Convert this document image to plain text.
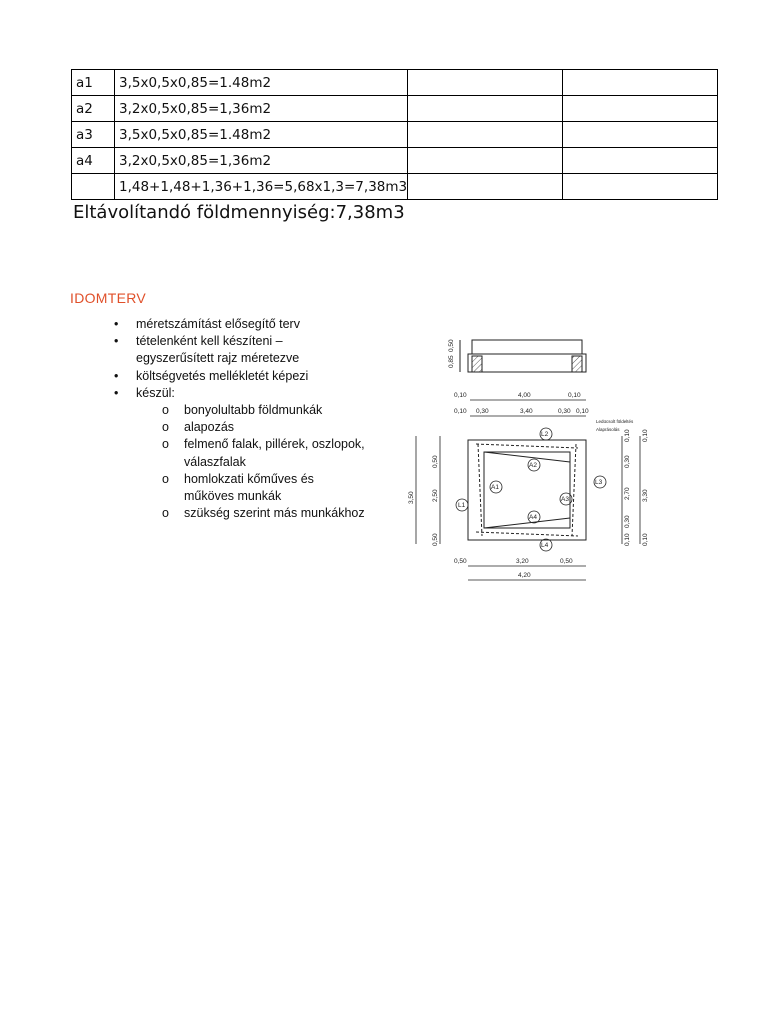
a1	3,5x0,5x0,85=1.48m2		
a2	3,2x0,5x0,85=1,36m2		
a3	3,5x0,5x0,85=1.48m2		
a4	3,2x0,5x0,85=1,36m2		
	1,48+1,48+1,36+1,36=5,68x1,3=7,38m3		
Eltávolítandó földmennyiség:7,38m3
IDOMTERV
• méretszámítást elősegítő terv
• tételenként kell készíteni –
egyszerűsített rajz méretezve
• költségvetés mellékletét képezi
• készül:
o bonyolultabb földmunkák
o alapozás
o felmenő falak, pillérek, oszlopok,
válaszfalak
o homlokzati kőműves és
műköves munkák
o szükség szerint más munkákhoz
0,85
0,50
0,10	4,00	0,10
0,10 0,30	3,40	0,30 0,10
A2
A1
A3
A4
L1
L2
L3
L4
Ledücsolt földeltés
Alaprásolás
3,50
0,50
2,50
0,50
0,10
0,30
2,70
0,30
0,10
0,10
3,30
0,10
0,50	3,20	0,50
4,20
